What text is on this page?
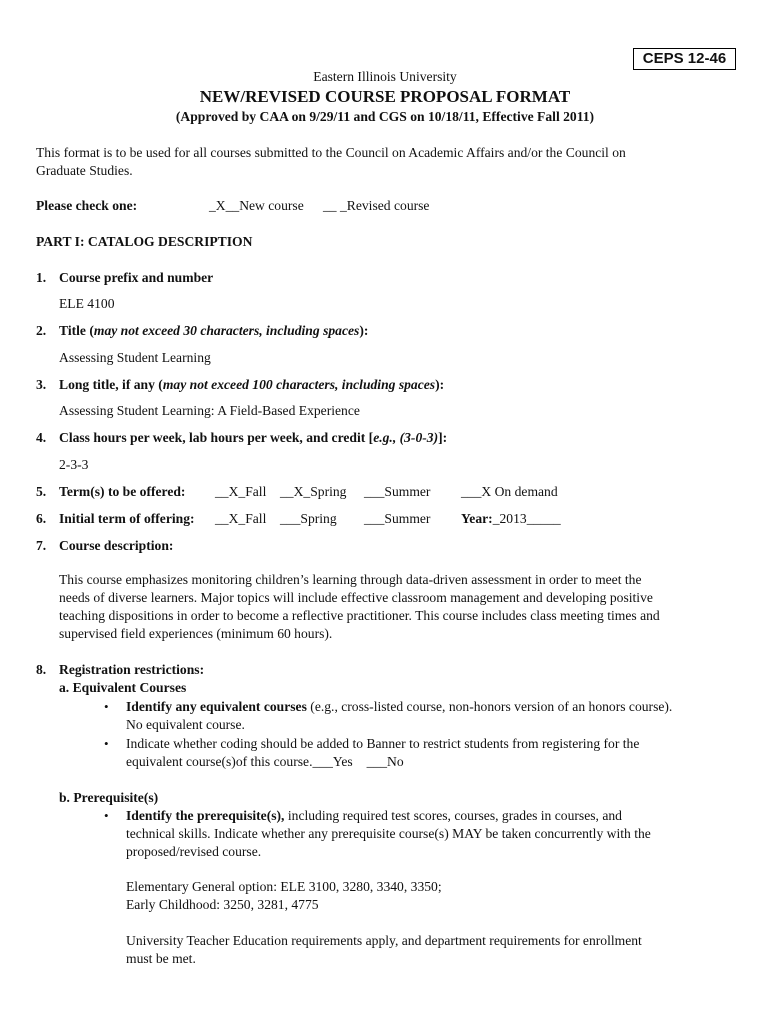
CEPS 12-46
Eastern Illinois University
NEW/REVISED COURSE PROPOSAL FORMAT
(Approved by CAA on 9/29/11 and CGS on 10/18/11, Effective Fall 2011)
This format is to be used for all courses submitted to the Council on Academic Affairs and/or the Council on
Graduate Studies.
Please check one:	_X__New course __ _Revised course
PART I: CATALOG DESCRIPTION
1. Course prefix and number
ELE 4100
2. Title (may not exceed 30 characters, including spaces):
Assessing Student Learning
3. Long title, if any (may not exceed 100 characters, including spaces):
Assessing Student Learning: A Field-Based Experience
4. Class hours per week, lab hours per week, and credit [e.g., (3-0-3)]:
2-3-3
5. Term(s) to be offered: __X_Fall __X_Spring ___Summer ___X On demand
6. Initial term of offering: __X_Fall ___Spring ___Summer Year:_2013_____
7. Course description:
This course emphasizes monitoring children’s learning through data-driven assessment in order to meet the
needs of diverse learners. Major topics will include effective classroom management and developing positive
teaching dispositions in order to become a reflective practitioner. This course includes class meeting times and
supervised field experiences (minimum 60 hours).
8. Registration restrictions:
a. Equivalent Courses
• Identify any equivalent courses (e.g., cross-listed course, non-honors version of an honors course).
No equivalent course.
• Indicate whether coding should be added to Banner to restrict students from registering for the
equivalent course(s)of this course.___Yes ___No
b. Prerequisite(s)
• Identify the prerequisite(s), including required test scores, courses, grades in courses, and
technical skills. Indicate whether any prerequisite course(s) MAY be taken concurrently with the
proposed/revised course.
Elementary General option: ELE 3100, 3280, 3340, 3350;
Early Childhood: 3250, 3281, 4775
University Teacher Education requirements apply, and department requirements for enrollment
must be met.
